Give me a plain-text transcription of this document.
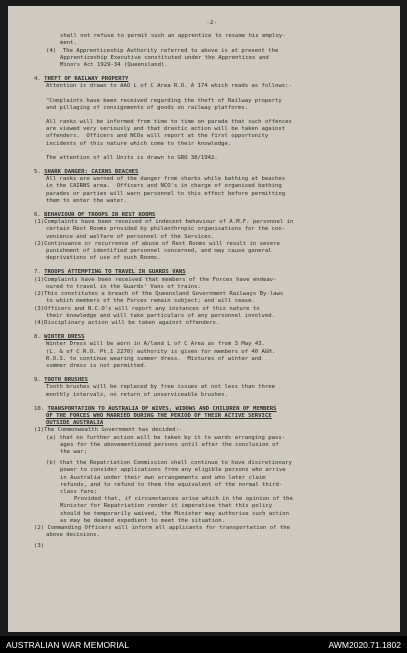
-2-
shall not refuse to permit such an apprentice to resume his employ-
ment.
(4)  The Apprenticeship Authority referred to above is at present the
Apprenticeship Executive constituted under the Apprentices and
Minors Act 1929-34 (Queensland).
4. THEFT OF RAILWAY PROPERTY
Attention is drawn to AAO L of C Area R.O. A 174 which reads as follows:-
"Complaints have been received regarding the theft of Railway property
and pillaging of consignments of goods on railway platforms.
All ranks will be informed from time to time on parade that such offences
are viewed very seriously and that drastic action will be taken against
offenders.  Officers and NCOs will report at the first opportunity
incidents of this nature which come to their knowledge.
The attention of all Units is drawn to GRO 38/1942.
5. SHARK DANGER: CAIRNS BEACHES
All ranks are warned of the danger from sharks while bathing at beaches
in the CAIRNS area.  Officers and NCO's in charge of organised bathing
parades or parties will warn personnel to this effect before permitting
them to enter the water.
6. BEHAVIOUR OF TROOPS IN REST ROOMS
(1)Complaints have been received of indecent behaviour of A.M.F. personnel in
certain Rest Rooms provided by philanthropic organisations for the con-
venience and welfare of personnel of the Services.
(2)Continuance or recurrence of abuse of Rest Rooms will result in severe
punishment of identified personnel concerned, and may cause general
deprivations of use of such Rooms.
7. TROOPS ATTEMPTING TO TRAVEL IN GUARDS VANS
(1)Complaints have been received that members of the Forces have endeav-
oured to travel in the Guards' Vans of trains.
(2)This constitutes a breach of the Queensland Government Railways By-laws
to which members of the Forces remain subject; and will cease.
(3)Officers and N.C.O's will report any instances of this nature to
their knowledge and will take particulars of any personnel involved.
(4)Disciplinary action will be taken against offenders.
8. WINTER DRESS
Winter Dress will be worn in A/land L of C Area as from 3 May 43.
(L. & of C R.O. Pt.1 2270) authority is given for members of 40 AGH.
R.O.S. to continue wearing summer dress.  Mixtures of winter and
summer dress is not permitted.
9. TOOTH BRUSHES
Tooth brushes will be replaced by free issues at not less than three
monthly intervals, on return of unserviceable brushes.
10. TRANSPORTATION TO AUSTRALIA OF WIVES, WIDOWS AND CHILDREN OF MEMBERS
OF THE FORCES WHO MARRIED DURING THE PERIOD OF THEIR ACTIVE SERVICE
OUTSIDE AUSTRALIA
(1)The Commonwealth Government has decided:-
(a) that no further action will be taken by it to wards arranging pass-
ages for the abovementioned persons until after the conclusion of
the war;
(b) that the Repatriation Commission shall continue to have discretionary
power to consider applications from any eligible persons who arrive
in Australia under their own arrangements and who later claim
refunds, and to refund to them the equivalent of the normal third-
class fare;
Provided that, if circumstances arise which in the opinion of the
Minister for Repatriation render it imperative that this policy
should be temporarily waived, the Minister may authorise such action
as may be deemed expedient to meet the situation.
(2) Commanding Officers will inform all applicants for transportation of the
above decisions.
(3)
AUSTRALIAN WAR MEMORIAL	AWM2020.71.1802
